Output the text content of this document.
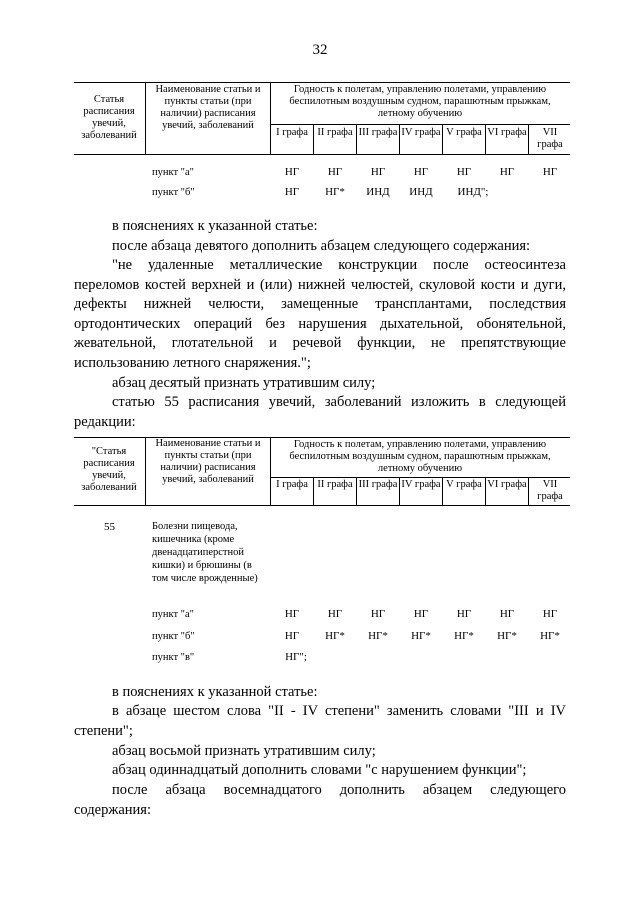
32
Статья расписания увечий, заболеваний
Наименование статьи и пункты статьи (при наличии) расписания увечий, заболеваний
Годность к полетам, управлению полетами, управлению беспилотным воздушным судном, парашютным прыжкам, летному обучению
I графа II графа III графа IV графа V графа VI графа	VII графа
пункт "а"	НГ	НГ	НГ	НГ	НГ	НГ	НГ
пункт "б"	НГ	НГ*	ИНД	ИНД	ИНД";
в пояснениях к указанной статье:
после абзаца девятого дополнить абзацем следующего содержания:
"не удаленные металлические конструкции после остеосинтеза переломов костей верхней и (или) нижней челюстей, скуловой кости и дуги, дефекты нижней челюсти, замещенные трансплантами, последствия ортодонтических операций без нарушения дыхательной, обонятельной, жевательной, глотательной и речевой функции, не препятствующие использованию летного снаряжения.";
абзац десятый признать утратившим силу;
статью 55 расписания увечий, заболеваний изложить в следующей редакции:
"Статья расписания увечий, заболеваний
Наименование статьи и пункты статьи (при наличии) расписания увечий, заболеваний
Годность к полетам, управлению полетами, управлению беспилотным воздушным судном, парашютным прыжкам, летному обучению
I графа II графа III графа IV графа V графа VI графа	VII графа
55	Болезни пищевода, кишечника (кроме двенадцатиперстной кишки) и брюшины (в том числе врожденные)
пункт "а"	НГ	НГ	НГ	НГ	НГ	НГ	НГ
пункт "б"	НГ	НГ*	НГ*	НГ*	НГ*	НГ*	НГ*
пункт "в"	НГ";
в пояснениях к указанной статье:
в абзаце шестом слова "II - IV степени" заменить словами "III и IV степени";
абзац восьмой признать утратившим силу;
абзац одиннадцатый дополнить словами "с нарушением функции";
после абзаца восемнадцатого дополнить абзацем следующего содержания:
